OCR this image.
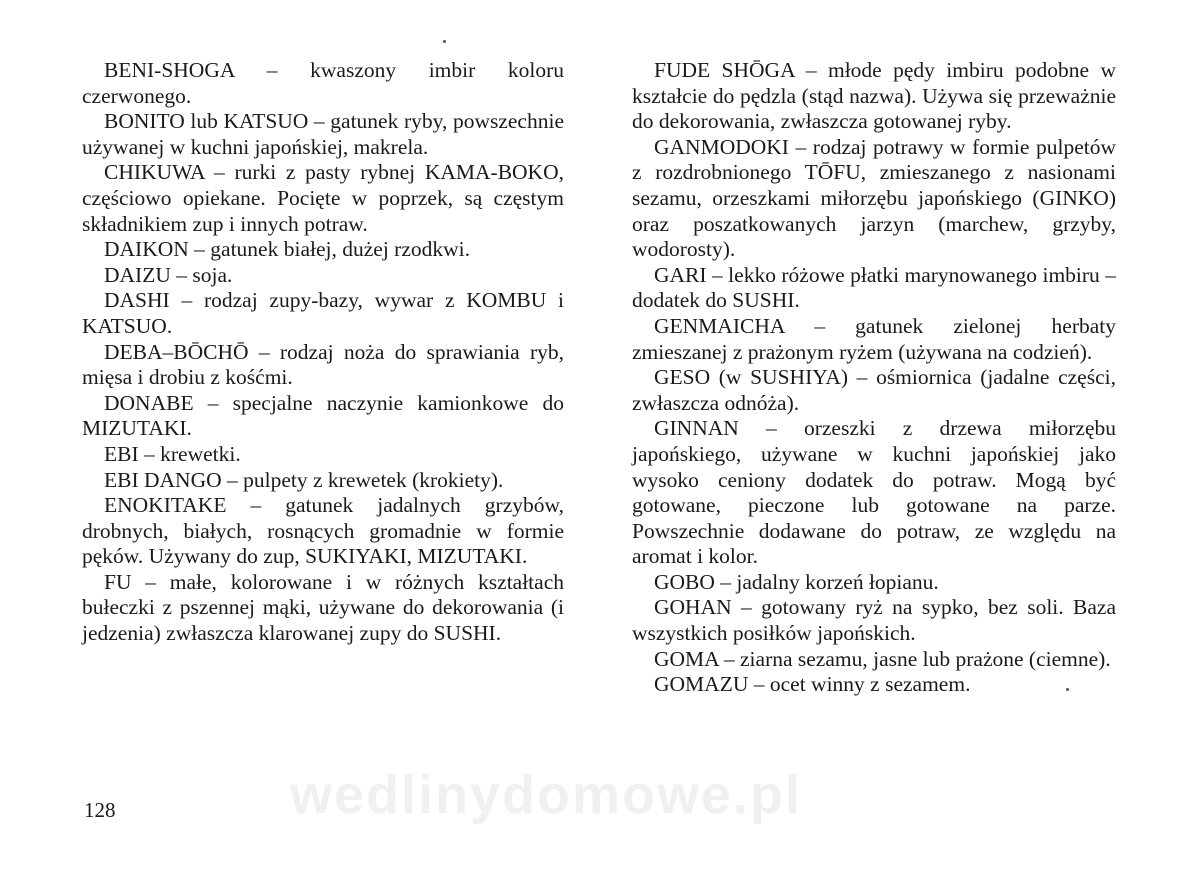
BENI-SHOGA – kwaszony imbir koloru czerwonego.

BONITO lub KATSUO – gatunek ryby, powszechnie używanej w kuchni japońskiej, makrela.

CHIKUWA – rurki z pasty rybnej KAMA-BOKO, częściowo opiekane. Pocięte w poprzek, są częstym składnikiem zup i innych potraw.

DAIKON – gatunek białej, dużej rzodkwi.

DAIZU – soja.

DASHI – rodzaj zupy-bazy, wywar z KOMBU i KATSUO.

DEBA–BŌCHŌ – rodzaj noża do sprawiania ryb, mięsa i drobiu z kośćmi.

DONABE – specjalne naczynie kamionkowe do MIZUTAKI.

EBI – krewetki.

EBI DANGO – pulpety z krewetek (krokiety).

ENOKITAKE – gatunek jadalnych grzybów, drobnych, białych, rosnących gromadnie w formie pęków. Używany do zup, SUKIYAKI, MIZUTAKI.

FU – małe, kolorowane i w różnych kształtach bułeczki z pszennej mąki, używane do dekorowania (i jedzenia) zwłaszcza klarowanej zupy do SUSHI.

FUDE SHŌGA – młode pędy imbiru podobne w kształcie do pędzla (stąd nazwa). Używa się przeważnie do dekorowania, zwłaszcza gotowanej ryby.

GANMODOKI – rodzaj potrawy w formie pulpetów z rozdrobnionego TŌFU, zmieszanego z nasionami sezamu, orzeszkami miłorzębu japońskiego (GINKO) oraz poszatkowanych jarzyn (marchew, grzyby, wodorosty).

GARI – lekko różowe płatki marynowanego imbiru – dodatek do SUSHI.

GENMAICHA – gatunek zielonej herbaty zmieszanej z prażonym ryżem (używana na codzień).

GESO (w SUSHIYA) – ośmiornica (jadalne części, zwłaszcza odnóża).

GINNAN – orzeszki z drzewa miłorzębu japońskiego, używane w kuchni japońskiej jako wysoko ceniony dodatek do potraw. Mogą być gotowane, pieczone lub gotowane na parze. Powszechnie dodawane do potraw, ze względu na aromat i kolor.

GOBO – jadalny korzeń łopianu.

GOHAN – gotowany ryż na sypko, bez soli. Baza wszystkich posiłków japońskich.

GOMA – ziarna sezamu, jasne lub prażone (ciemne).

GOMAZU – ocet winny z sezamem.

128	wedlinydomowe.pl
